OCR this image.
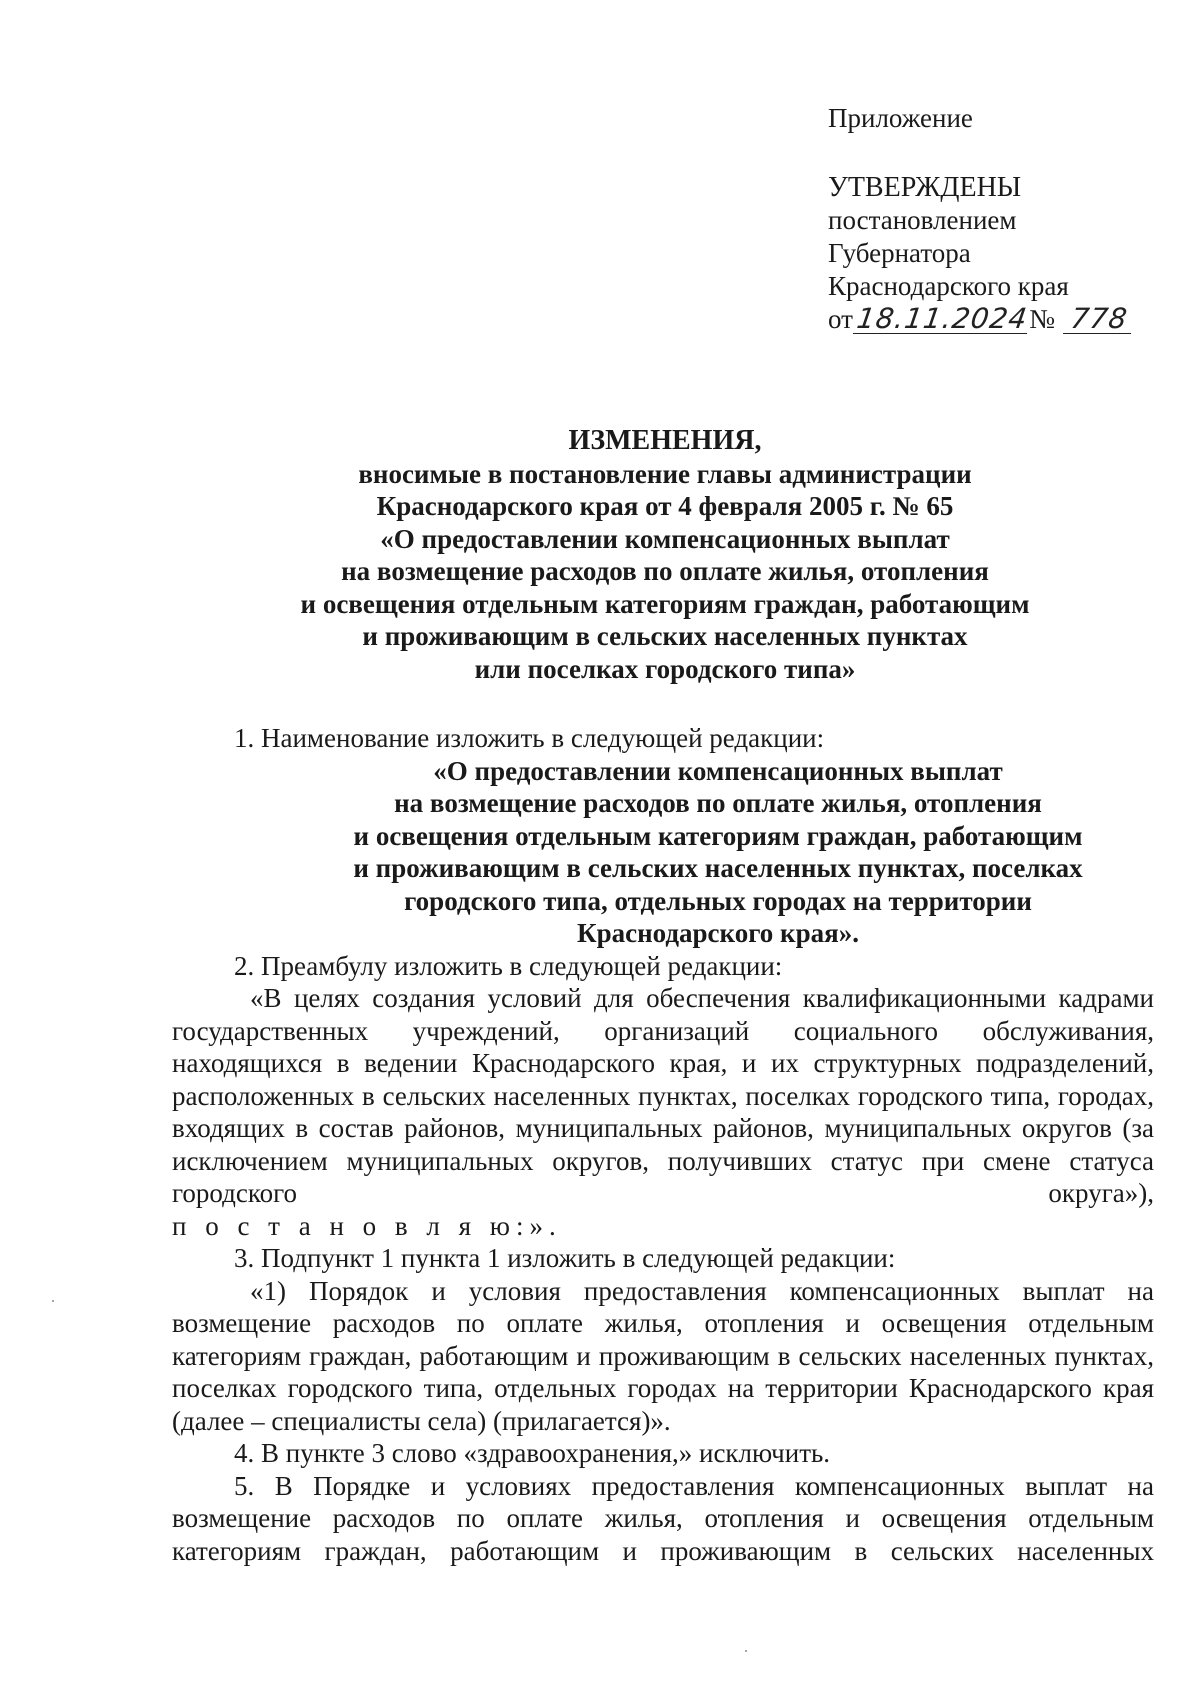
Приложение
УТВЕРЖДЕНЫ
постановлением
Губернатора
Краснодарского края
от 18.11.2024 № 778
ИЗМЕНЕНИЯ,
вносимые в постановление главы администрации
Краснодарского края от 4 февраля 2005 г. № 65
«О предоставлении компенсационных выплат
на возмещение расходов по оплате жилья, отопления
и освещения отдельным категориям граждан, работающим
и проживающим в сельских населенных пунктах
или поселках городского типа»

1. Наименование изложить в следующей редакции:

«О предоставлении компенсационных выплат
на возмещение расходов по оплате жилья, отопления
и освещения отдельным категориям граждан, работающим
и проживающим в сельских населенных пунктах, поселках
городского типа, отдельных городах на территории
Краснодарского края».

2. Преамбулу изложить в следующей редакции:

«В целях создания условий для обеспечения квалификационными кадрами государственных учреждений, организаций социального обслуживания, находящихся в ведении Краснодарского края, и их структурных подразделений, расположенных в сельских населенных пунктах, поселках городского типа, городах, входящих в состав районов, муниципальных районов, муниципальных округов (за исключением муниципальных округов, получивших статус при смене статуса городского округа»),

п о с т а н о в л я ю:».

3. Подпункт 1 пункта 1 изложить в следующей редакции:

«1) Порядок и условия предоставления компенсационных выплат на возмещение расходов по оплате жилья, отопления и освещения отдельным категориям граждан, работающим и проживающим в сельских населенных пунктах, поселках городского типа, отдельных городах на территории Краснодарского края (далее – специалисты села) (прилагается)».

4. В пункте 3 слово «здравоохранения,» исключить.

5. В Порядке и условиях предоставления компенсационных выплат на возмещение расходов по оплате жилья, отопления и освещения отдельным категориям граждан, работающим и проживающим в сельских населенных
